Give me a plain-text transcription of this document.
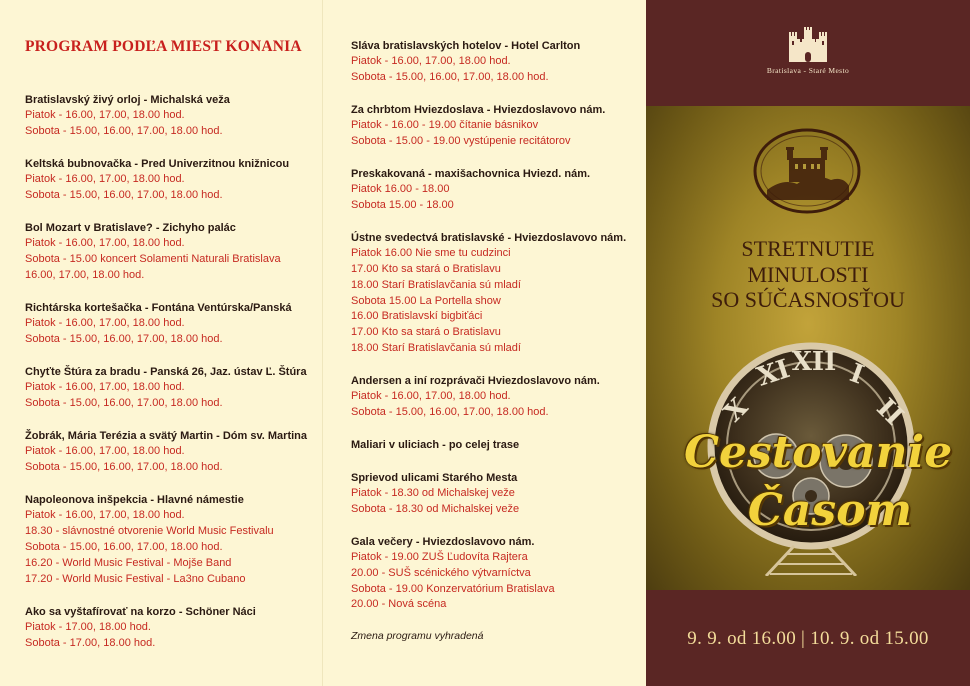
PROGRAM PODĽA MIEST KONANIA
Bratislavský živý orloj - Michalská veža
Piatok - 16.00, 17.00, 18.00 hod.
Sobota - 15.00, 16.00, 17.00, 18.00 hod.
Keltská bubnovačka - Pred Univerzitnou knižnicou
Piatok - 16.00, 17.00, 18.00 hod.
Sobota - 15.00, 16.00, 17.00, 18.00 hod.
Bol Mozart v Bratislave? - Zichyho palác
Piatok - 16.00, 17.00, 18.00 hod.
Sobota - 15.00 koncert Solamenti Naturali Bratislava
16.00, 17.00, 18.00 hod.
Richtárska kortešačka - Fontána Ventúrska/Panská
Piatok - 16.00, 17.00, 18.00 hod.
Sobota - 15.00, 16.00, 17.00, 18.00 hod.
Chyťte Štúra za bradu - Panská 26, Jaz. ústav Ľ. Štúra
Piatok - 16.00, 17.00, 18.00 hod.
Sobota - 15.00, 16.00, 17.00, 18.00 hod.
Žobrák, Mária Terézia a svätý Martin - Dóm sv. Martina
Piatok - 16.00, 17.00, 18.00 hod.
Sobota - 15.00, 16.00, 17.00, 18.00 hod.
Napoleonova inšpekcia - Hlavné námestie
Piatok - 16.00, 17.00, 18.00 hod.
18.30 - slávnostné otvorenie World Music Festivalu
Sobota - 15.00, 16.00, 17.00, 18.00 hod.
16.20 - World Music Festival - Mojše Band
17.20 - World Music Festival - La3no Cubano
Ako sa vyštafírovať na korzo - Schöner Náci
Piatok - 17.00, 18.00 hod.
Sobota - 17.00, 18.00 hod.
Sláva bratislavských hotelov - Hotel Carlton
Piatok - 16.00, 17.00, 18.00 hod.
Sobota - 15.00, 16.00, 17.00, 18.00 hod.
Za chrbtom Hviezdoslava - Hviezdoslavovo nám.
Piatok - 16.00 - 19.00 čítanie básnikov
Sobota - 15.00 - 19.00 vystúpenie recitátorov
Preskakovaná - maxišachovnica Hviezd. nám.
Piatok 16.00 - 18.00
Sobota 15.00 - 18.00
Ústne svedectvá bratislavské - Hviezdoslavovo nám.
Piatok 16.00 Nie sme tu cudzinci
17.00 Kto sa stará o Bratislavu
18.00 Starí Bratislavčania sú mladí
Sobota 15.00 La Portella show
16.00 Bratislavskí bigbiťáci
17.00 Kto sa stará o Bratislavu
18.00 Starí Bratislavčania sú mladí
Andersen a iní rozprávači Hviezdoslavovo nám.
Piatok - 16.00, 17.00, 18.00 hod.
Sobota - 15.00, 16.00, 17.00, 18.00 hod.
Maliari v uliciach - po celej trase
Sprievod ulicami Starého Mesta
Piatok - 18.30 od Michalskej veže
Sobota - 18.30 od Michalskej veže
Gala večery - Hviezdoslavovo nám.
Piatok - 19.00 ZUŠ Ľudovíta Rajtera
20.00 - SUŠ scénického výtvarníctva
Sobota - 19.00 Konzervatórium Bratislava
20.00 - Nová scéna
Zmena programu vyhradená
Bratislava - Staré Mesto
STRETNUTIE
MINULOSTI
SO SÚČASNOSŤOU
XI
XII I
X	II
Cestovanie
Časom
9. 9. od 16.00 | 10. 9. od 15.00
